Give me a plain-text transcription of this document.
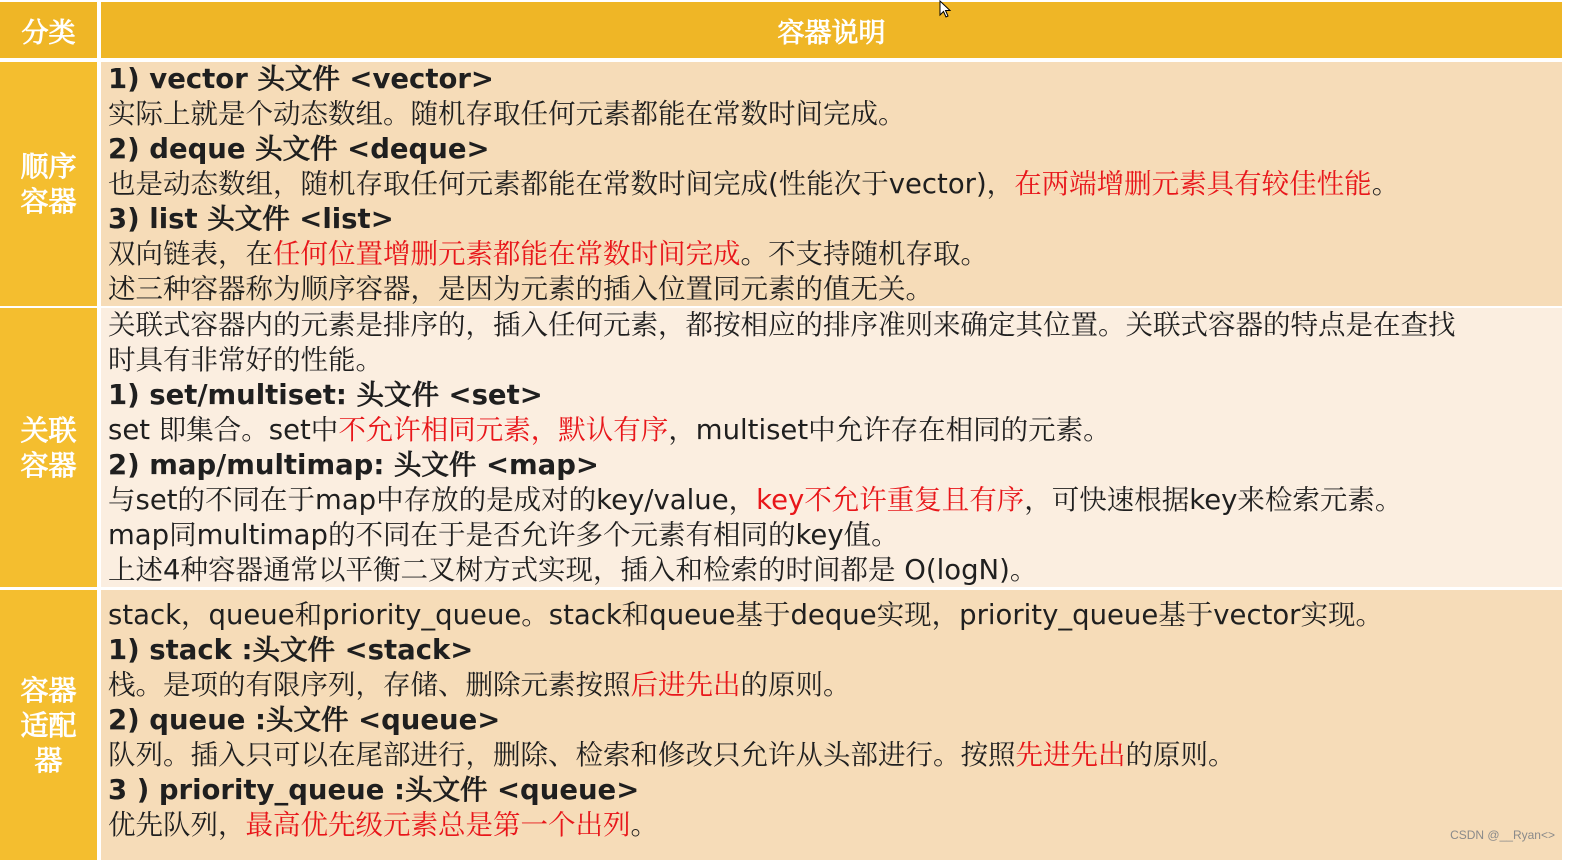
分类	容器说明
顺序容器
1) vector 头文件 <vector>
实际上就是个动态数组。随机存取任何元素都能在常数时间完成。
2) deque 头文件 <deque>
也是动态数组，随机存取任何元素都能在常数时间完成(性能次于vector)，在两端增删元素具有较佳性能。
3) list 头文件 <list>
双向链表，在任何位置增删元素都能在常数时间完成。不支持随机存取。
述三种容器称为顺序容器，是因为元素的插入位置同元素的值无关。
关联容器
关联式容器内的元素是排序的，插入任何元素，都按相应的排序准则来确定其位置。关联式容器的特点是在查找
时具有非常好的性能。
1) set/multiset: 头文件 <set>
set 即集合。set中不允许相同元素，默认有序，multiset中允许存在相同的元素。
2) map/multimap: 头文件 <map>
与set的不同在于map中存放的是成对的key/value，key不允许重复且有序，可快速根据key来检索元素。
map同multimap的不同在于是否允许多个元素有相同的key值。
上述4种容器通常以平衡二叉树方式实现，插入和检索的时间都是 O(logN)。
容器适配器
stack，queue和priority_queue。stack和queue基于deque实现，priority_queue基于vector实现。
1) stack :头文件 <stack>
栈。是项的有限序列，存储、删除元素按照后进先出的原则。
2) queue :头文件 <queue>
队列。插入只可以在尾部进行，删除、检索和修改只允许从头部进行。按照先进先出的原则。
3 ) priority_queue :头文件 <queue>
优先队列，最高优先级元素总是第一个出列。	CSDN @__Ryan<>
